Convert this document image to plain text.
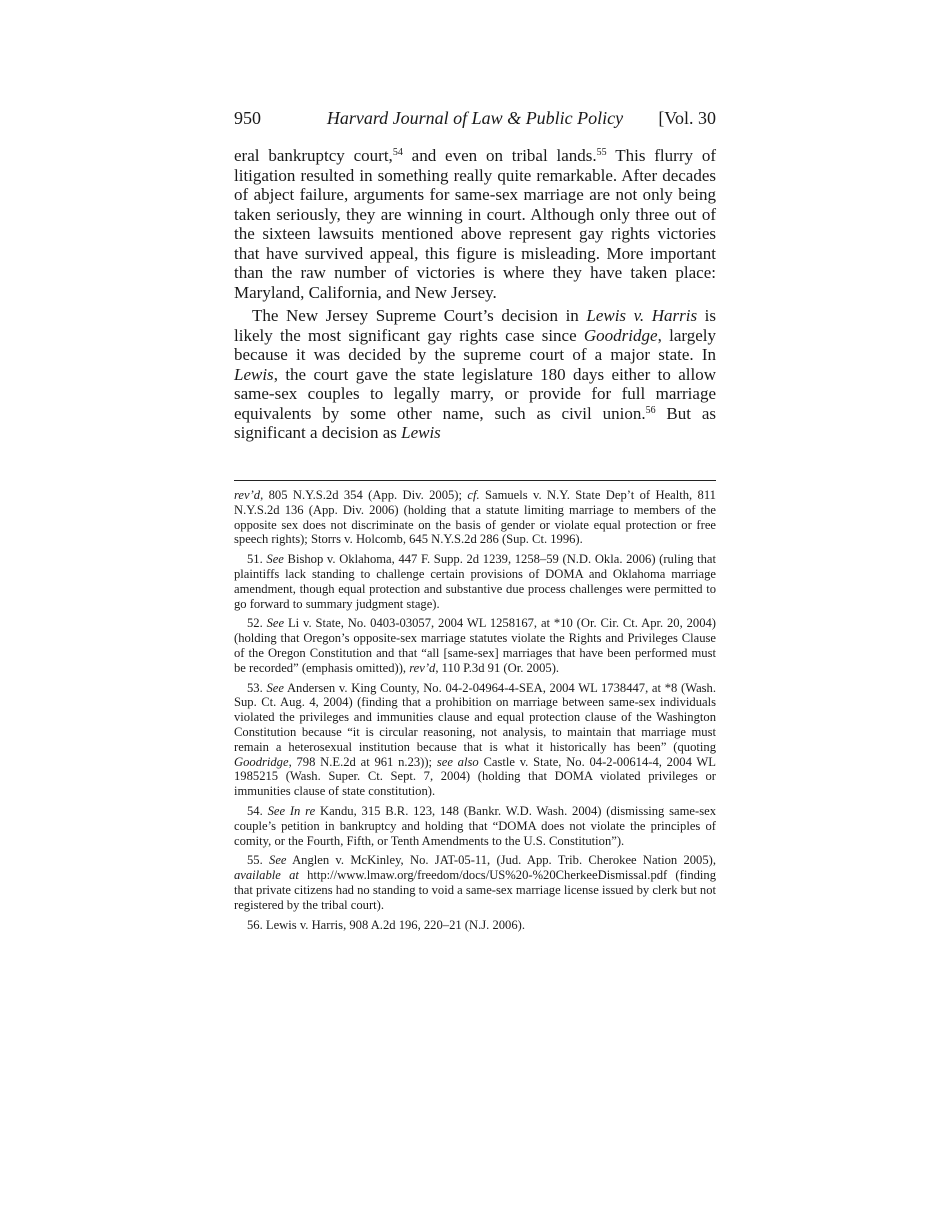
950	Harvard Journal of Law & Public Policy	[Vol. 30

eral bankruptcy court,$^{54}$ and even on tribal lands.$^{55}$ This flurry of litigation resulted in something really quite remarkable. After decades of abject failure, arguments for same-sex marriage are not only being taken seriously, they are winning in court. Although only three out of the sixteen lawsuits mentioned above represent gay rights victories that have survived appeal, this figure is misleading. More important than the raw number of victories is where they have taken place: Maryland, California, and New Jersey.

The New Jersey Supreme Court’s decision in Lewis v. Harris is likely the most significant gay rights case since Goodridge, largely because it was decided by the supreme court of a major state. In Lewis, the court gave the state legislature 180 days either to allow same-sex couples to legally marry, or provide for full marriage equivalents by some other name, such as civil union.$^{56}$ But as significant a decision as Lewis

rev’d, 805 N.Y.S.2d 354 (App. Div. 2005); cf. Samuels v. N.Y. State Dep’t of Health, 811 N.Y.S.2d 136 (App. Div. 2006) (holding that a statute limiting marriage to members of the opposite sex does not discriminate on the basis of gender or violate equal protection or free speech rights); Storrs v. Holcomb, 645 N.Y.S.2d 286 (Sup. Ct. 1996).

51. See Bishop v. Oklahoma, 447 F. Supp. 2d 1239, 1258–59 (N.D. Okla. 2006) (ruling that plaintiffs lack standing to challenge certain provisions of DOMA and Oklahoma marriage amendment, though equal protection and substantive due process challenges were permitted to go forward to summary judgment stage).

52. See Li v. State, No. 0403-03057, 2004 WL 1258167, at *10 (Or. Cir. Ct. Apr. 20, 2004) (holding that Oregon’s opposite-sex marriage statutes violate the Rights and Privileges Clause of the Oregon Constitution and that “all [same-sex] marriages that have been performed must be recorded” (emphasis omitted)), rev’d, 110 P.3d 91 (Or. 2005).

53. See Andersen v. King County, No. 04-2-04964-4-SEA, 2004 WL 1738447, at *8 (Wash. Sup. Ct. Aug. 4, 2004) (finding that a prohibition on marriage between same-sex individuals violated the privileges and immunities clause and equal protection clause of the Washington Constitution because “it is circular reasoning, not analysis, to maintain that marriage must remain a heterosexual institution because that is what it historically has been” (quoting Goodridge, 798 N.E.2d at 961 n.23)); see also Castle v. State, No. 04-2-00614-4, 2004 WL 1985215 (Wash. Super. Ct. Sept. 7, 2004) (holding that DOMA violated privileges or immunities clause of state constitution).

54. See In re Kandu, 315 B.R. 123, 148 (Bankr. W.D. Wash. 2004) (dismissing same-sex couple’s petition in bankruptcy and holding that “DOMA does not violate the principles of comity, or the Fourth, Fifth, or Tenth Amendments to the U.S. Constitution”).

55. See Anglen v. McKinley, No. JAT-05-11, (Jud. App. Trib. Cherokee Nation 2005), available at http://www.lmaw.org/freedom/docs/US%20-%20CherkeeDismissal.pdf (finding that private citizens had no standing to void a same-sex marriage license issued by clerk but not registered by the tribal court).

56. Lewis v. Harris, 908 A.2d 196, 220–21 (N.J. 2006).
